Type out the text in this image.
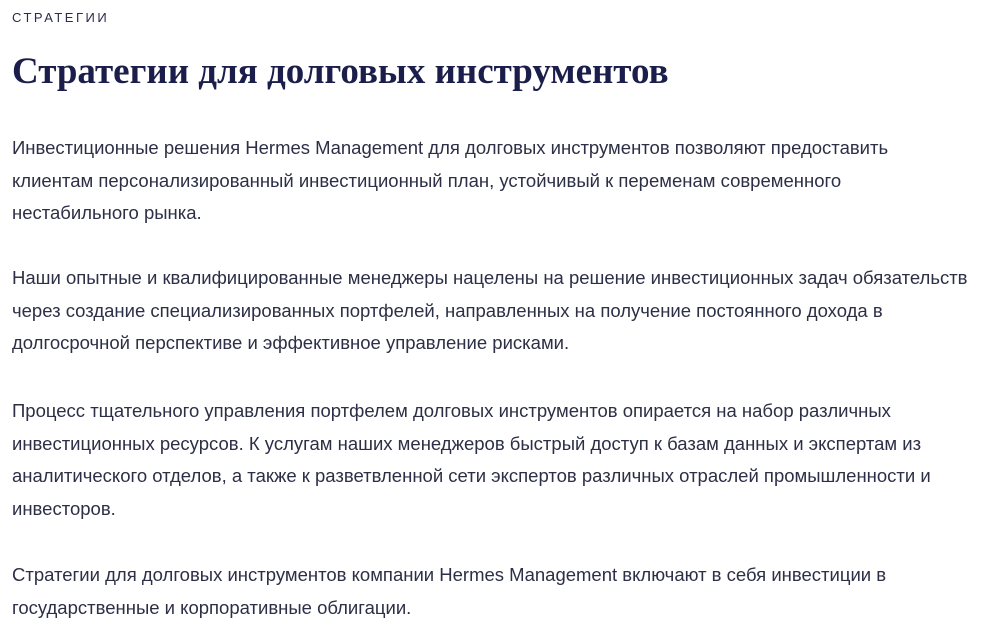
СТРАТЕГИИ

Стратегии для долговых инструментов

Инвестиционные решения Hermes Management для долговых инструментов позволяют предоставить
клиентам персонализированный инвестиционный план, устойчивый к переменам современного
нестабильного рынка.

Наши опытные и квалифицированные менеджеры нацелены на решение инвестиционных задач обязательств
через создание специализированных портфелей, направленных на получение постоянного дохода в
долгосрочной перспективе и эффективное управление рисками.

Процесс тщательного управления портфелем долговых инструментов опирается на набор различных
инвестиционных ресурсов. К услугам наших менеджеров быстрый доступ к базам данных и экспертам из
аналитического отделов, а также к разветвленной сети экспертов различных отраслей промышленности и
инвесторов.

Стратегии для долговых инструментов компании Hermes Management включают в себя инвестиции в
государственные и корпоративные облигации.
